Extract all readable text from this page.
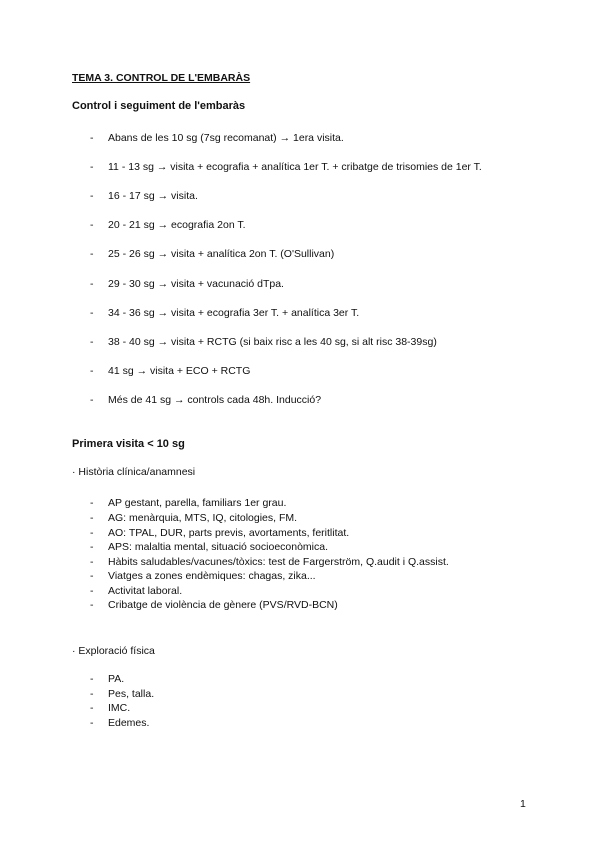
TEMA 3. CONTROL DE L'EMBARÀS
Control i seguiment de l'embaràs
- Abans de les 10 sg (7sg recomanat) → 1era visita.
- 11 - 13 sg → visita + ecografia + analítica 1er T. + cribatge de trisomies de 1er T.
- 16 - 17 sg → visita.
- 20 - 21 sg → ecografia 2on T.
- 25 - 26 sg → visita + analítica 2on T. (O'Sullivan)
- 29 - 30 sg → visita + vacunació dTpa.
- 34 - 36 sg → visita + ecografia 3er T. + analítica 3er T.
- 38 - 40 sg → visita + RCTG (si baix risc a les 40 sg, si alt risc 38-39sg)
- 41 sg → visita + ECO + RCTG
- Més de 41 sg → controls cada 48h. Inducció?
Primera visita < 10 sg
· Història clínica/anamnesi
- AP gestant, parella, familiars 1er grau.
- AG: menàrquia, MTS, IQ, citologies, FM.
- AO: TPAL, DUR, parts previs, avortaments, feritlitat.
- APS: malaltia mental, situació socioeconòmica.
- Hàbits saludables/vacunes/tòxics: test de Fargerström, Q.audit i Q.assist.
- Viatges a zones endèmiques: chagas, zika...
- Activitat laboral.
- Cribatge de violència de gènere (PVS/RVD-BCN)
· Exploració física
- PA.
- Pes, talla.
- IMC.
- Edemes.
1
